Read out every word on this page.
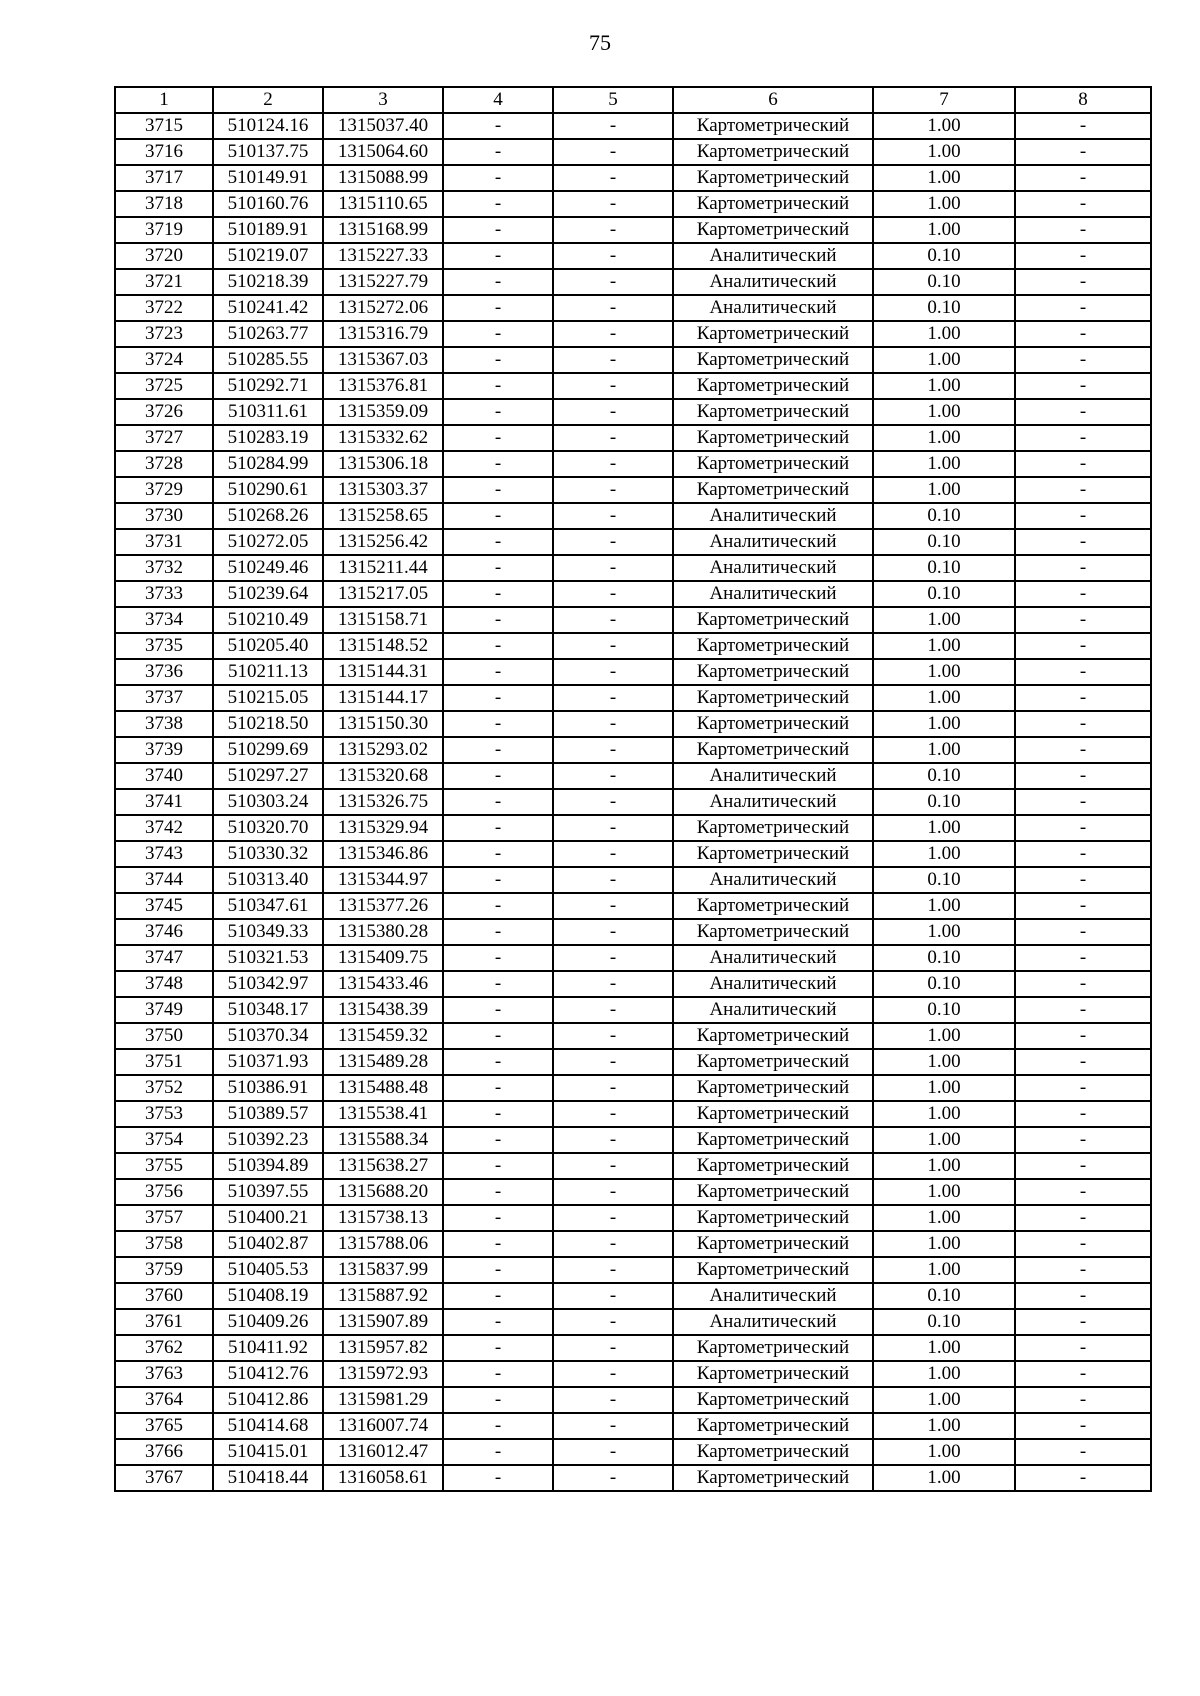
75
1	2	3	4	5	6	7	8
3715	510124.16	1315037.40	-	-	Картометрический	1.00	-
3716	510137.75	1315064.60	-	-	Картометрический	1.00	-
3717	510149.91	1315088.99	-	-	Картометрический	1.00	-
3718	510160.76	1315110.65	-	-	Картометрический	1.00	-
3719	510189.91	1315168.99	-	-	Картометрический	1.00	-
3720	510219.07	1315227.33	-	-	Аналитический	0.10	-
3721	510218.39	1315227.79	-	-	Аналитический	0.10	-
3722	510241.42	1315272.06	-	-	Аналитический	0.10	-
3723	510263.77	1315316.79	-	-	Картометрический	1.00	-
3724	510285.55	1315367.03	-	-	Картометрический	1.00	-
3725	510292.71	1315376.81	-	-	Картометрический	1.00	-
3726	510311.61	1315359.09	-	-	Картометрический	1.00	-
3727	510283.19	1315332.62	-	-	Картометрический	1.00	-
3728	510284.99	1315306.18	-	-	Картометрический	1.00	-
3729	510290.61	1315303.37	-	-	Картометрический	1.00	-
3730	510268.26	1315258.65	-	-	Аналитический	0.10	-
3731	510272.05	1315256.42	-	-	Аналитический	0.10	-
3732	510249.46	1315211.44	-	-	Аналитический	0.10	-
3733	510239.64	1315217.05	-	-	Аналитический	0.10	-
3734	510210.49	1315158.71	-	-	Картометрический	1.00	-
3735	510205.40	1315148.52	-	-	Картометрический	1.00	-
3736	510211.13	1315144.31	-	-	Картометрический	1.00	-
3737	510215.05	1315144.17	-	-	Картометрический	1.00	-
3738	510218.50	1315150.30	-	-	Картометрический	1.00	-
3739	510299.69	1315293.02	-	-	Картометрический	1.00	-
3740	510297.27	1315320.68	-	-	Аналитический	0.10	-
3741	510303.24	1315326.75	-	-	Аналитический	0.10	-
3742	510320.70	1315329.94	-	-	Картометрический	1.00	-
3743	510330.32	1315346.86	-	-	Картометрический	1.00	-
3744	510313.40	1315344.97	-	-	Аналитический	0.10	-
3745	510347.61	1315377.26	-	-	Картометрический	1.00	-
3746	510349.33	1315380.28	-	-	Картометрический	1.00	-
3747	510321.53	1315409.75	-	-	Аналитический	0.10	-
3748	510342.97	1315433.46	-	-	Аналитический	0.10	-
3749	510348.17	1315438.39	-	-	Аналитический	0.10	-
3750	510370.34	1315459.32	-	-	Картометрический	1.00	-
3751	510371.93	1315489.28	-	-	Картометрический	1.00	-
3752	510386.91	1315488.48	-	-	Картометрический	1.00	-
3753	510389.57	1315538.41	-	-	Картометрический	1.00	-
3754	510392.23	1315588.34	-	-	Картометрический	1.00	-
3755	510394.89	1315638.27	-	-	Картометрический	1.00	-
3756	510397.55	1315688.20	-	-	Картометрический	1.00	-
3757	510400.21	1315738.13	-	-	Картометрический	1.00	-
3758	510402.87	1315788.06	-	-	Картометрический	1.00	-
3759	510405.53	1315837.99	-	-	Картометрический	1.00	-
3760	510408.19	1315887.92	-	-	Аналитический	0.10	-
3761	510409.26	1315907.89	-	-	Аналитический	0.10	-
3762	510411.92	1315957.82	-	-	Картометрический	1.00	-
3763	510412.76	1315972.93	-	-	Картометрический	1.00	-
3764	510412.86	1315981.29	-	-	Картометрический	1.00	-
3765	510414.68	1316007.74	-	-	Картометрический	1.00	-
3766	510415.01	1316012.47	-	-	Картометрический	1.00	-
3767	510418.44	1316058.61	-	-	Картометрический	1.00	-
